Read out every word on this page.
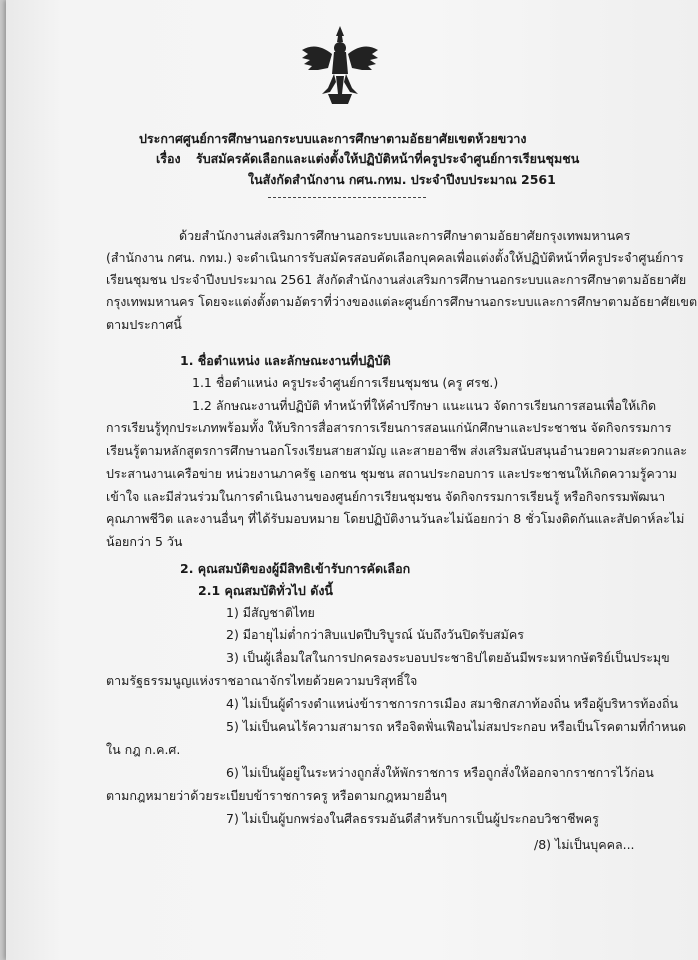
ประกาศศูนย์การศึกษานอกระบบและการศึกษาตามอัธยาศัยเขตห้วยขวาง
เรื่อง รับสมัครคัดเลือกและแต่งตั้งให้ปฏิบัติหน้าที่ครูประจำศูนย์การเรียนชุมชน
ในสังกัดสำนักงาน กศน.กทม. ประจำปีงบประมาณ 2561
ด้วยสำนักงานส่งเสริมการศึกษานอกระบบและการศึกษาตามอัธยาศัยกรุงเทพมหานคร
(สำนักงาน กศน. กทม.) จะดำเนินการรับสมัครสอบคัดเลือกบุคคลเพื่อแต่งตั้งให้ปฏิบัติหน้าที่ครูประจำศูนย์การ
เรียนชุมชน ประจำปีงบประมาณ 2561 สังกัดสำนักงานส่งเสริมการศึกษานอกระบบและการศึกษาตามอัธยาศัย
กรุงเทพมหานคร โดยจะแต่งตั้งตามอัตราที่ว่างของแต่ละศูนย์การศึกษานอกระบบและการศึกษาตามอัธยาศัยเขต
ตามประกาศนี้
1. ชื่อตำแหน่ง และลักษณะงานที่ปฏิบัติ
1.1 ชื่อตำแหน่ง ครูประจำศูนย์การเรียนชุมชน (ครู ศรช.)
1.2 ลักษณะงานที่ปฏิบัติ ทำหน้าที่ให้คำปรึกษา แนะแนว จัดการเรียนการสอนเพื่อให้เกิด
การเรียนรู้ทุกประเภทพร้อมทั้ง ให้บริการสื่อสารการเรียนการสอนแก่นักศึกษาและประชาชน จัดกิจกรรมการ
เรียนรู้ตามหลักสูตรการศึกษานอกโรงเรียนสายสามัญ และสายอาชีพ ส่งเสริมสนับสนุนอำนวยความสะดวกและ
ประสานงานเครือข่าย หน่วยงานภาครัฐ เอกชน ชุมชน สถานประกอบการ และประชาชนให้เกิดความรู้ความ
เข้าใจ และมีส่วนร่วมในการดำเนินงานของศูนย์การเรียนชุมชน จัดกิจกรรมการเรียนรู้ หรือกิจกรรมพัฒนา
คุณภาพชีวิต และงานอื่นๆ ที่ได้รับมอบหมาย โดยปฏิบัติงานวันละไม่น้อยกว่า 8 ชั่วโมงติดกันและสัปดาห์ละไม่
น้อยกว่า 5 วัน
2. คุณสมบัติของผู้มีสิทธิเข้ารับการคัดเลือก
2.1 คุณสมบัติทั่วไป ดังนี้
1) มีสัญชาติไทย
2) มีอายุไม่ต่ำกว่าสิบแปดปีบริบูรณ์ นับถึงวันปิดรับสมัคร
3) เป็นผู้เลื่อมใสในการปกครองระบอบประชาธิปไตยอันมีพระมหากษัตริย์เป็นประมุข
ตามรัฐธรรมนูญแห่งราชอาณาจักรไทยด้วยความบริสุทธิ์ใจ
4) ไม่เป็นผู้ดำรงตำแหน่งข้าราชการการเมือง สมาชิกสภาท้องถิ่น หรือผู้บริหารท้องถิ่น
5) ไม่เป็นคนไร้ความสามารถ หรือจิตฟั่นเฟือนไม่สมประกอบ หรือเป็นโรคตามที่กำหนด
ใน กฎ ก.ค.ศ.
6) ไม่เป็นผู้อยู่ในระหว่างถูกสั่งให้พักราชการ หรือถูกสั่งให้ออกจากราชการไว้ก่อน
ตามกฎหมายว่าด้วยระเบียบข้าราชการครู หรือตามกฎหมายอื่นๆ
7) ไม่เป็นผู้บกพร่องในศีลธรรมอันดีสำหรับการเป็นผู้ประกอบวิชาชีพครู
/8) ไม่เป็นบุคคล...
